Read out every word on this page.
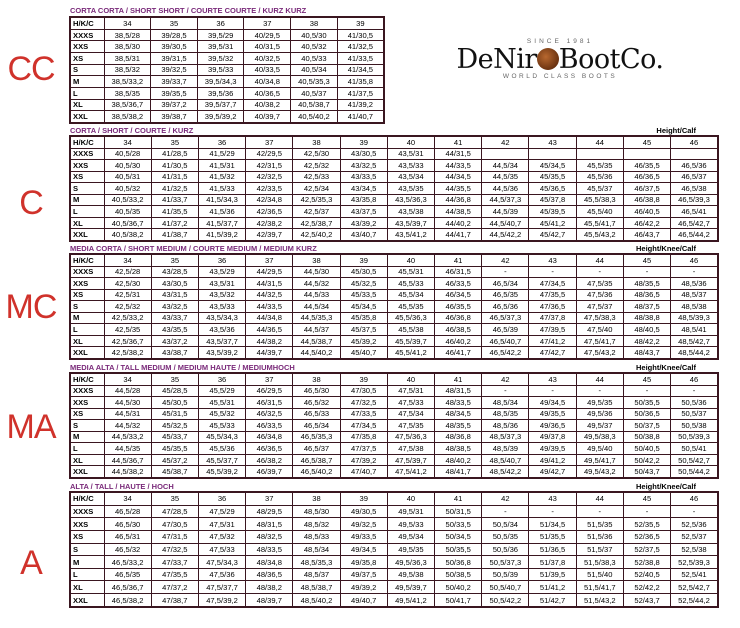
CC
C
MC
MA
A
SINCE 1981
DeNir BootCo.
WORLD CLASS BOOTS
CORTA CORTA / SHORT SHORT / COURTE COURTE / KURZ KURZ
CORTA / SHORT / COURTE / KURZ
MEDIA CORTA / SHORT MEDIUM / COURTE MEDIUM / MEDIUM KURZ
MEDIA ALTA / TALL MEDIUM / MEDIUM HAUTE / MEDIUMHOCH
ALTA / TALL / HAUTE / HOCH
Height/Calf
Height/Knee/Calf
Height/Knee/Calf
Height/Knee/Calf
H/K/C	34	35	36	37	38	39
XXXS	38,5/28	39/28,5	39,5/29	40/29,5	40,5/30	41/30,5
XXS	38,5/30	39/30,5	39,5/31	40/31,5	40,5/32	41/32,5
XS	38,5/31	39/31,5	39,5/32	40/32,5	40,5/33	41/33,5
S	38,5/32	39/32,5	39,5/33	40/33,5	40,5/34	41/34,5
M	38,5/33,2	39/33,7	39,5/34,3	40/34,8	40,5/35,3	41/35,8
L	38,5/35	39/35,5	39,5/36	40/36,5	40,5/37	41/37,5
XL	38,5/36,7	39/37,2	39,5/37,7	40/38,2	40,5/38,7	41/39,2
XXL	38,5/38,2	39/38,7	39,5/39,2	40/39,7	40,5/40,2	41/40,7
H/K/C	34	35	36	37	38	39	40	41	42	43	44	45	46
XXXS	40,5/28	41/28,5	41,5/29	42/29,5	42,5/30	43/30,5	43,5/31	44/31,5					
XXS	40,5/30	41/30,5	41,5/31	42/31,5	42,5/32	43/32,5	43,5/33	44/33,5	44,5/34	45/34,5	45,5/35	46/35,5	46,5/36
XS	40,5/31	41/31,5	41,5/32	42/32,5	42,5/33	43/33,5	43,5/34	44/34,5	44,5/35	45/35,5	45,5/36	46/36,5	46,5/37
S	40,5/32	41/32,5	41,5/33	42/33,5	42,5/34	43/34,5	43,5/35	44/35,5	44,5/36	45/36,5	45,5/37	46/37,5	46,5/38
M	40,5/33,2	41/33,7	41,5/34,3	42/34,8	42,5/35,3	43/35,8	43,5/36,3	44/36,8	44,5/37,3	45/37,8	45,5/38,3	46/38,8	46,5/39,3
L	40,5/35	41/35,5	41,5/36	42/36,5	42,5/37	43/37,5	43,5/38	44/38,5	44,5/39	45/39,5	45,5/40	46/40,5	46,5/41
XL	40,5/36,7	41/37,2	41,5/37,7	42/38,2	42,5/38,7	43/39,2	43,5/39,7	44/40,2	44,5/40,7	45/41,2	45,5/41,7	46/42,2	46,5/42,7
XXL	40,5/38,2	41/38,7	41,5/39,2	42/39,7	42,5/40,2	43/40,7	43,5/41,2	44/41,7	44,5/42,2	45/42,7	45,5/43,2	46/43,7	46,5/44,2
H/K/C	34	35	36	37	38	39	40	41	42	43	44	45	46
XXXS	42,5/28	43/28,5	43,5/29	44/29,5	44,5/30	45/30,5	45,5/31	46/31,5	-	-	-	-	-
XXS	42,5/30	43/30,5	43,5/31	44/31,5	44,5/32	45/32,5	45,5/33	46/33,5	46,5/34	47/34,5	47,5/35	48/35,5	48,5/36
XS	42,5/31	43/31,5	43,5/32	44/32,5	44,5/33	45/33,5	45,5/34	46/34,5	46,5/35	47/35,5	47,5/36	48/36,5	48,5/37
S	42,5/32	43/32,5	43,5/33	44/33,5	44,5/34	45/34,5	45,5/35	46/35,5	46,5/36	47/36,5	47,5/37	48/37,5	48,5/38
M	42,5/33,2	43/33,7	43,5/34,3	44/34,8	44,5/35,3	45/35,8	45,5/36,3	46/36,8	46,5/37,3	47/37,8	47,5/38,3	48/38,8	48,5/39,3
L	42,5/35	43/35,5	43,5/36	44/36,5	44,5/37	45/37,5	45,5/38	46/38,5	46,5/39	47/39,5	47,5/40	48/40,5	48,5/41
XL	42,5/36,7	43/37,2	43,5/37,7	44/38,2	44,5/38,7	45/39,2	45,5/39,7	46/40,2	46,5/40,7	47/41,2	47,5/41,7	48/42,2	48,5/42,7
XXL	42,5/38,2	43/38,7	43,5/39,2	44/39,7	44,5/40,2	45/40,7	45,5/41,2	46/41,7	46,5/42,2	47/42,7	47,5/43,2	48/43,7	48,5/44,2
H/K/C	34	35	36	37	38	39	40	41	42	43	44	45	46
XXXS	44,5/28	45/28,5	45,5/29	46/29,5	46,5/30	47/30,5	47,5/31	48/31,5	-	-	-	-	-
XXS	44,5/30	45/30,5	45,5/31	46/31,5	46,5/32	47/32,5	47,5/33	48/33,5	48,5/34	49/34,5	49,5/35	50/35,5	50,5/36
XS	44,5/31	45/31,5	45,5/32	46/32,5	46,5/33	47/33,5	47,5/34	48/34,5	48,5/35	49/35,5	49,5/36	50/36,5	50,5/37
S	44,5/32	45/32,5	45,5/33	46/33,5	46,5/34	47/34,5	47,5/35	48/35,5	48,5/36	49/36,5	49,5/37	50/37,5	50,5/38
M	44,5/33,2	45/33,7	45,5/34,3	46/34,8	46,5/35,3	47/35,8	47,5/36,3	48/36,8	48,5/37,3	49/37,8	49,5/38,3	50/38,8	50,5/39,3
L	44,5/35	45/35,5	45,5/36	46/36,5	46,5/37	47/37,5	47,5/38	48/38,5	48,5/39	49/39,5	49,5/40	50/40,5	50,5/41
XL	44,5/36,7	45/37,2	45,5/37,7	46/38,2	46,5/38,7	47/39,2	47,5/39,7	48/40,2	48,5/40,7	49/41,2	49,5/41,7	50/42,2	50,5/42,7
XXL	44,5/38,2	45/38,7	45,5/39,2	46/39,7	46,5/40,2	47/40,7	47,5/41,2	48/41,7	48,5/42,2	49/42,7	49,5/43,2	50/43,7	50,5/44,2
H/K/C	34	35	36	37	38	39	40	41	42	43	44	45	46
XXXS	46,5/28	47/28,5	47,5/29	48/29,5	48,5/30	49/30,5	49,5/31	50/31,5	-	-	-	-	-
XXS	46,5/30	47/30,5	47,5/31	48/31,5	48,5/32	49/32,5	49,5/33	50/33,5	50,5/34	51/34,5	51,5/35	52/35,5	52,5/36
XS	46,5/31	47/31,5	47,5/32	48/32,5	48,5/33	49/33,5	49,5/34	50/34,5	50,5/35	51/35,5	51,5/36	52/36,5	52,5/37
S	46,5/32	47/32,5	47,5/33	48/33,5	48,5/34	49/34,5	49,5/35	50/35,5	50,5/36	51/36,5	51,5/37	52/37,5	52,5/38
M	46,5/33,2	47/33,7	47,5/34,3	48/34,8	48,5/35,3	49/35,8	49,5/36,3	50/36,8	50,5/37,3	51/37,8	51,5/38,3	52/38,8	52,5/39,3
L	46,5/35	47/35,5	47,5/36	48/36,5	48,5/37	49/37,5	49,5/38	50/38,5	50,5/39	51/39,5	51,5/40	52/40,5	52,5/41
XL	46,5/36,7	47/37,2	47,5/37,7	48/38,2	48,5/38,7	49/39,2	49,5/39,7	50/40,2	50,5/40,7	51/41,2	51,5/41,7	52/42,2	52,5/42,7
XXL	46,5/38,2	47/38,7	47,5/39,2	48/39,7	48,5/40,2	49/40,7	49,5/41,2	50/41,7	50,5/42,2	51/42,7	51,5/43,2	52/43,7	52,5/44,2
